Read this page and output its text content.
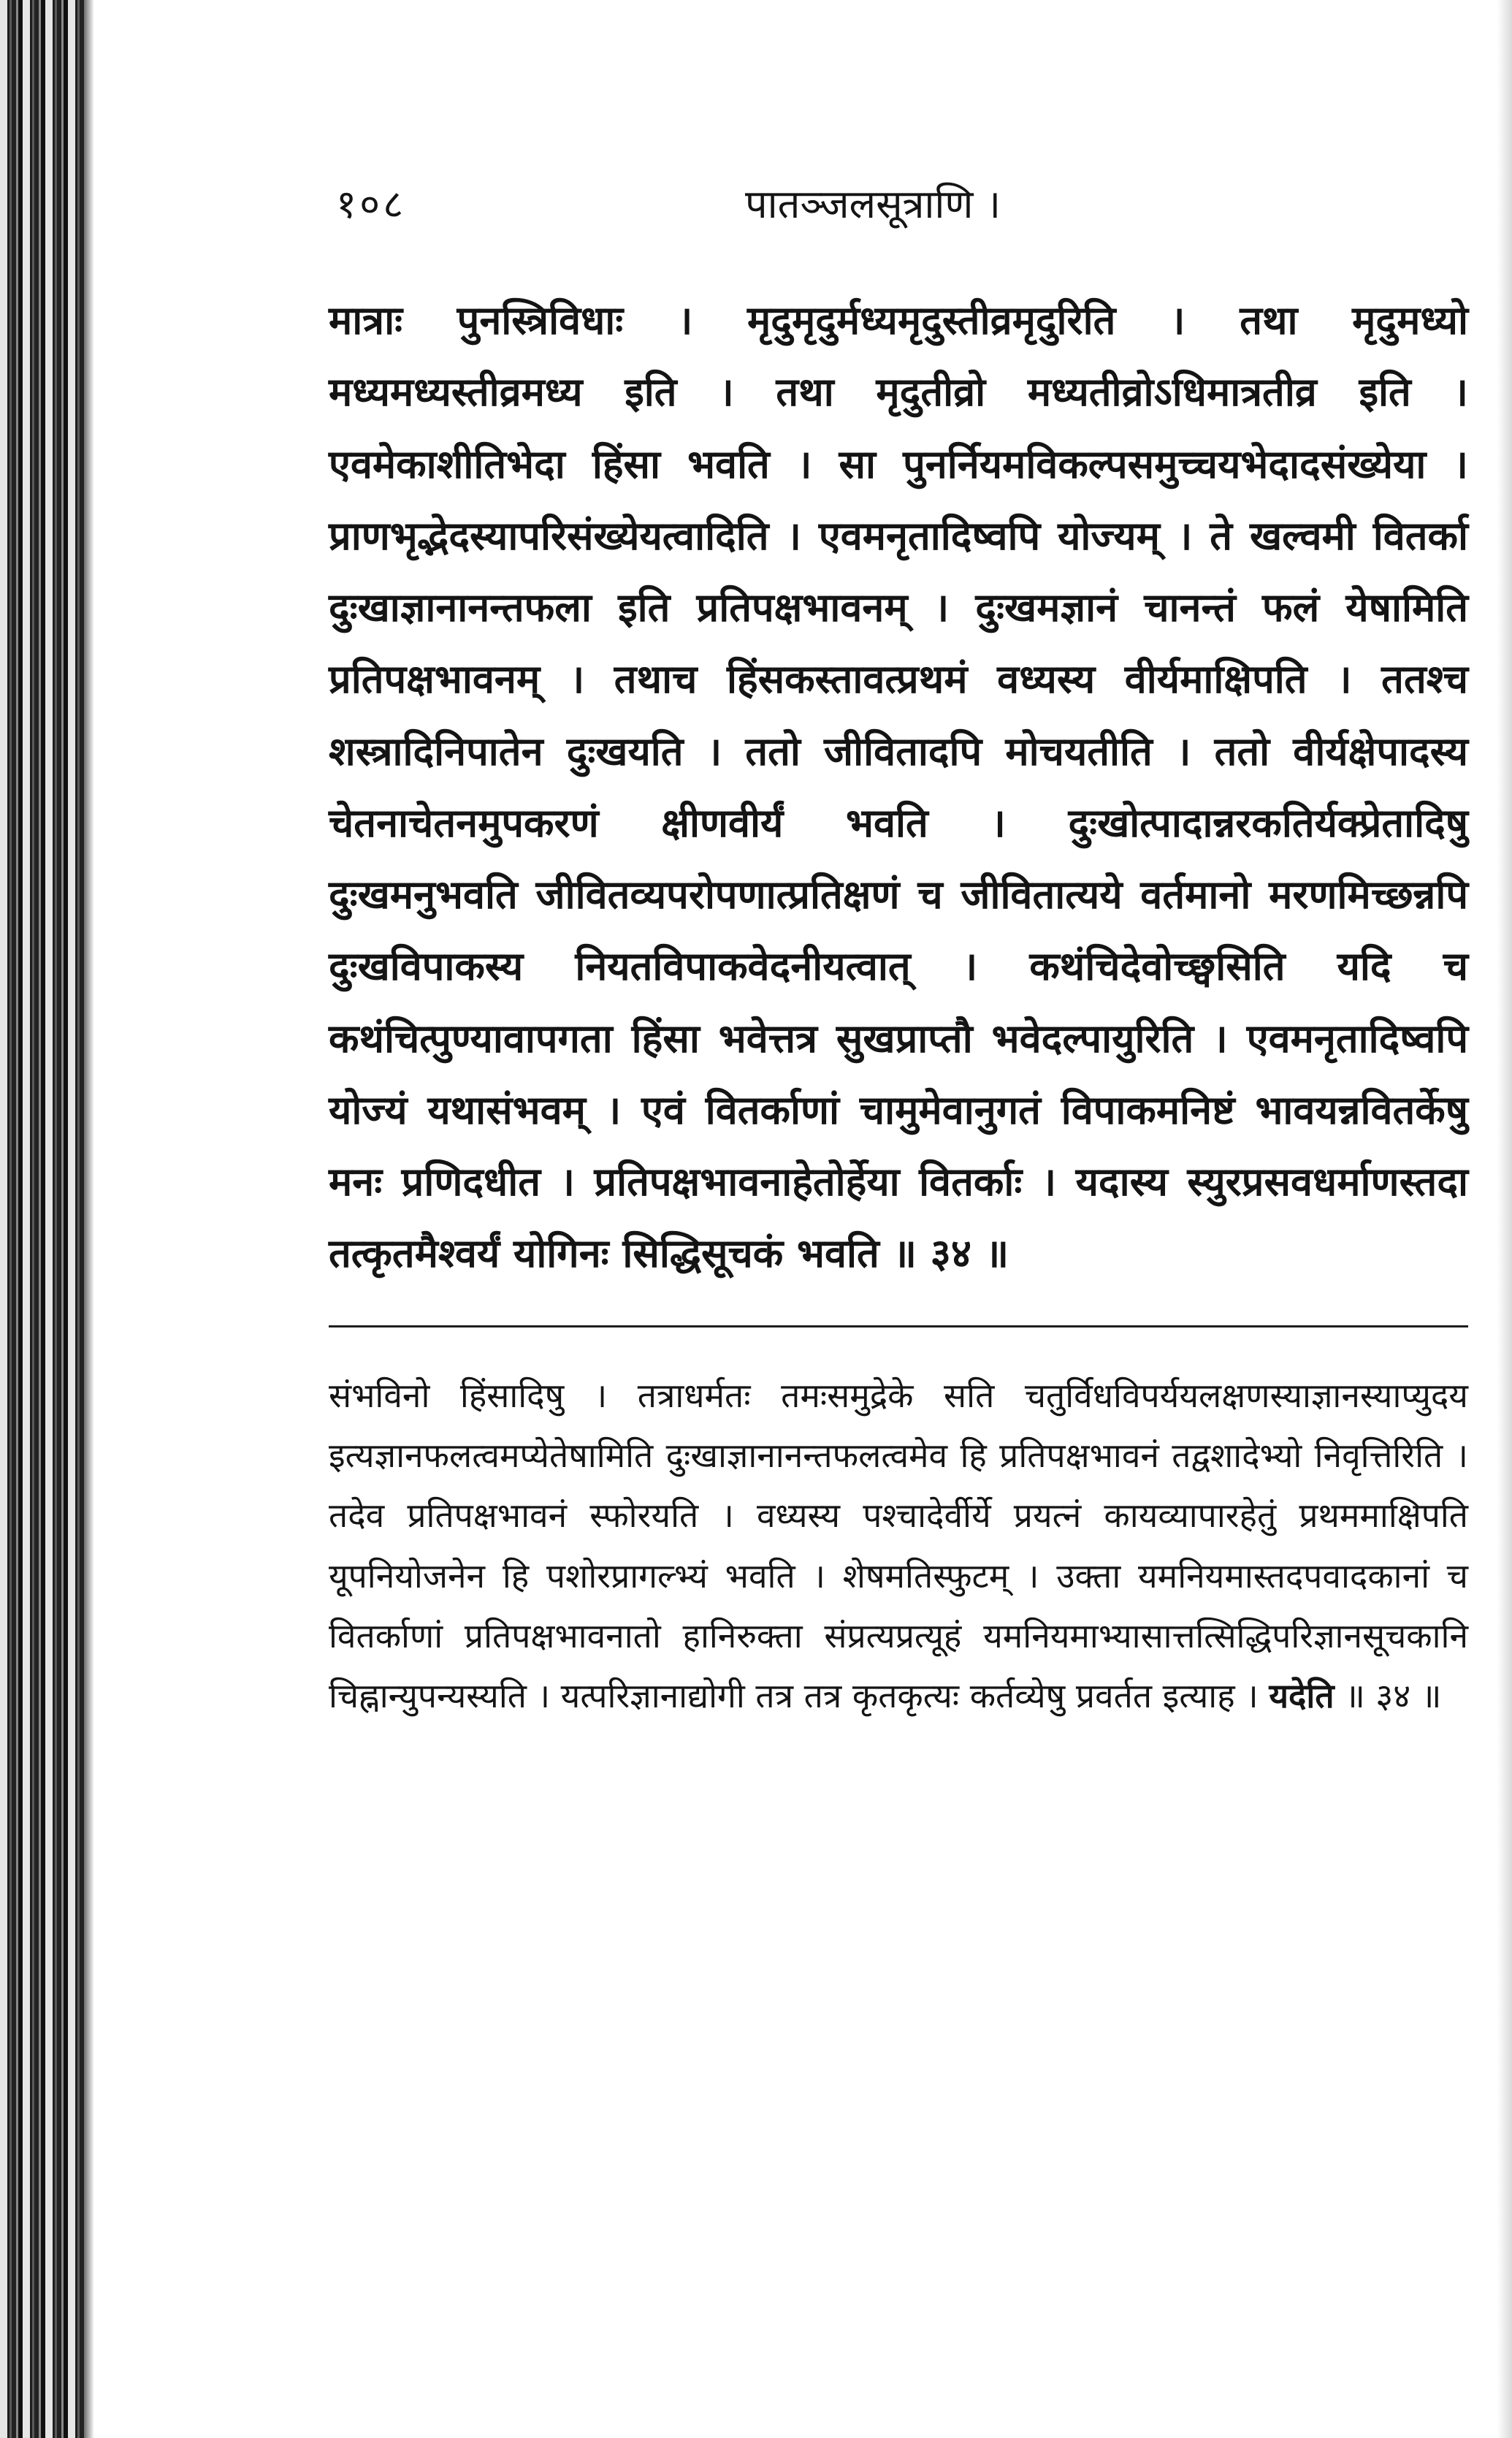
१०८	पातञ्जलसूत्राणि ।

मात्राः पुनस्त्रिविधाः । मृदुमृदुर्मध्यमृदुस्तीव्रमृदुरिति । तथा मृदुमध्यो मध्यमध्यस्तीव्रमध्य इति । तथा मृदुतीव्रो मध्यतीव्रोऽधिमात्रतीव्र इति । एवमेकाशीतिभेदा हिंसा भवति । सा पुनर्नियमविकल्पसमुच्चयभेदादसंख्येया । प्राणभृद्भेदस्यापरिसंख्येयत्वादिति । एवमनृतादिष्वपि योज्यम् । ते खल्वमी वितर्का दुःखाज्ञानानन्तफला इति प्रतिपक्षभावनम् । दुःखमज्ञानं चानन्तं फलं येषामिति प्रतिपक्षभावनम् । तथाच हिंसकस्तावत्प्रथमं वध्यस्य वीर्यमाक्षिपति । ततश्च शस्त्रादिनिपातेन दुःखयति । ततो जीवितादपि मोचयतीति । ततो वीर्यक्षेपादस्य चेतनाचेतनमुपकरणं क्षीणवीर्यं भवति । दुःखोत्पादान्नरकतिर्यक्प्रेतादिषु दुःखमनुभवति जीवितव्यपरोपणात्प्रतिक्षणं च जीवितात्यये वर्तमानो मरणमिच्छन्नपि दुःखविपाकस्य नियतविपाकवेदनीयत्वात् । कथंचिदेवोच्छ्वसिति यदि च कथंचित्पुण्यावापगता हिंसा भवेत्तत्र सुखप्राप्तौ भवेदल्पायुरिति । एवमनृतादिष्वपि योज्यं यथासंभवम् । एवं वितर्काणां चामुमेवानुगतं विपाकमनिष्टं भावयन्नवितर्केषु मनः प्रणिदधीत । प्रतिपक्षभावनाहेतोर्हेया वितर्काः । यदास्य स्युरप्रसवधर्माणस्तदा तत्कृतमैश्वर्यं योगिनः सिद्धिसूचकं भवति ॥ ३४ ॥

संभविनो हिंसादिषु । तत्राधर्मतः तमःसमुद्रेके सति चतुर्विधविपर्ययलक्षणस्याज्ञानस्याप्युदय इत्यज्ञानफलत्वमप्येतेषामिति दुःखाज्ञानानन्तफलत्वमेव हि प्रतिपक्षभावनं तद्वशादेभ्यो निवृत्तिरिति । तदेव प्रतिपक्षभावनं स्फोरयति । वध्यस्य पश्चादेर्वीर्ये प्रयत्नं कायव्यापारहेतुं प्रथममाक्षिपति यूपनियोजनेन हि पशोरप्रागल्भ्यं भवति । शेषमतिस्फुटम् । उक्ता यमनियमास्तदपवादकानां च वितर्काणां प्रतिपक्षभावनातो हानिरुक्ता संप्रत्यप्रत्यूहं यमनियमाभ्यासात्तत्सिद्धिपरिज्ञानसूचकानि चिह्नान्युपन्यस्यति । यत्परिज्ञानाद्योगी तत्र तत्र कृतकृत्यः कर्तव्येषु प्रवर्तत इत्याह । यदेति ॥ ३४ ॥
